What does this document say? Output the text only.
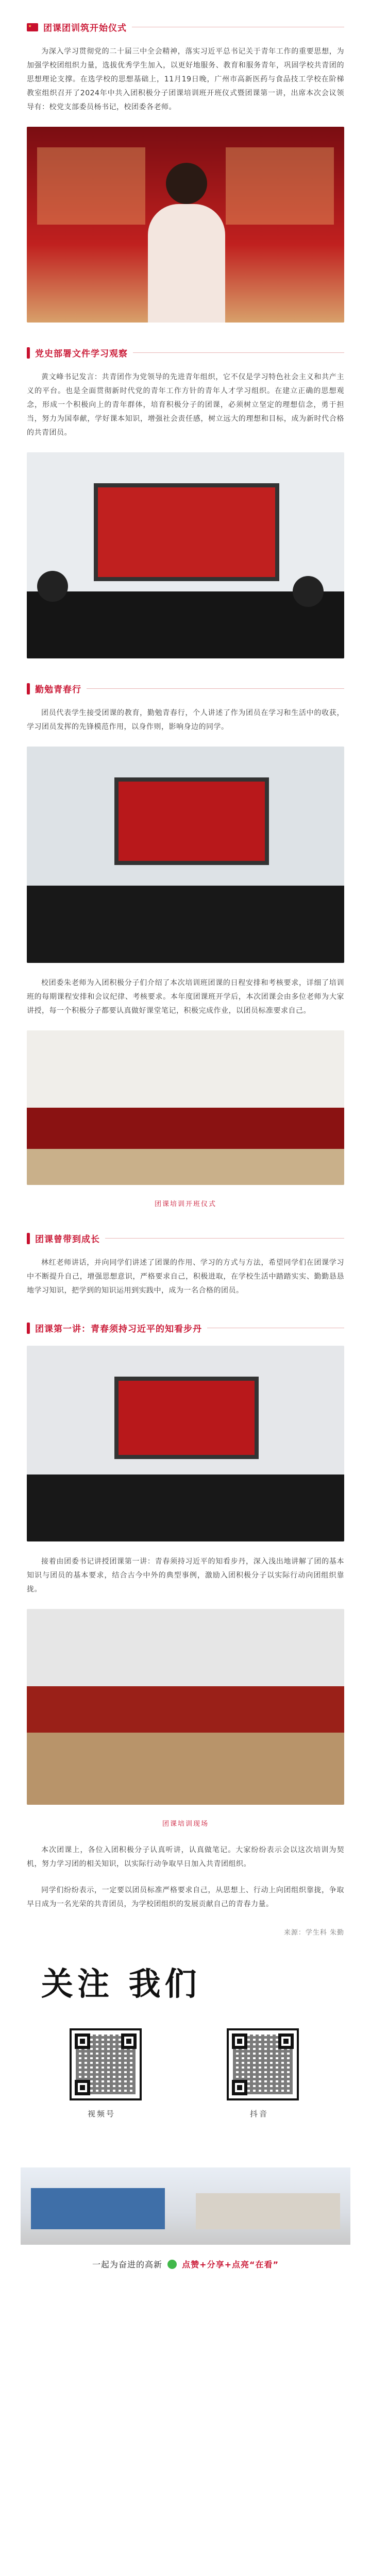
团课团训筑开始仪式

为深入学习贯彻党的二十届三中全会精神，落实习近平总书记关于青年工作的重要思想，为加强学校团组织力量，选拔优秀学生加入，以更好地服务、教育和服务青年，巩固学校共青团的思想理论支撑。在选学校的思想基础上，11月19日晚，广州市高新医药与食品技工学校在阶梯教室组织召开了2024年中共入团积极分子团课培训班开班仪式暨团课第一讲，出席本次会议领导有：校党支部委员杨书记，校团委各老师。

党史部署文件学习观察

黄文峰书记发言：共青团作为党领导的先进青年组织，它不仅是学习特色社会主义和共产主义的平台。也是全面贯彻新时代党的青年工作方针的青年人才学习组织。在建立正确的思想观念，形成一个积极向上的青年群体，培育积极分子的团课，必须树立坚定的理想信念，勇于担当，努力为国奉献，学好课本知识，增强社会责任感，树立远大的理想和目标，成为新时代合格的共青团员。

勤勉青春行

团员代表学生接受团课的教育，勤勉青春行，个人讲述了作为团员在学习和生活中的收获，学习团员发挥的先锋模范作用，以身作则，影响身边的同学。

校团委朱老师为入团积极分子们介绍了本次培训班团课的日程安排和考核要求，详细了培训班的每期课程安排和会议纪律、考核要求。本年度团课班开学后，本次团课会由多位老师为大家讲授，每一个积极分子都要认真做好课堂笔记，积极完成作业，以团员标准要求自己。

团课培训开班仪式
团课曾带到成长

林红老师讲话，并向同学们讲述了团课的作用、学习的方式与方法，希望同学们在团课学习中不断提升自己，增强思想意识，严格要求自己，积极进取，在学校生活中踏踏实实、勤勤恳恳地学习知识，把学到的知识运用到实践中，成为一名合格的团员。

团课第一讲：青春须持习近平的知看步丹

接着由团委书记讲授团课第一讲：青春须持习近平的知看步丹，深入浅出地讲解了团的基本知识与团员的基本要求，结合古今中外的典型事例，激励入团积极分子以实际行动向团组织靠拢。

团课培训现场

本次团课上，各位入团积极分子认真听讲，认真做笔记。大家纷纷表示会以这次培训为契机，努力学习团的相关知识，以实际行动争取早日加入共青团组织。

同学们纷纷表示，一定要以团员标准严格要求自己，从思想上、行动上向团组织靠拢，争取早日成为一名光荣的共青团员，为学校团组织的发展贡献自己的青春力量。

来源：学生科 朱勤
关注 我们
视频号	抖音
一起为奋进的高新 点赞+分享+点亮“在看”
